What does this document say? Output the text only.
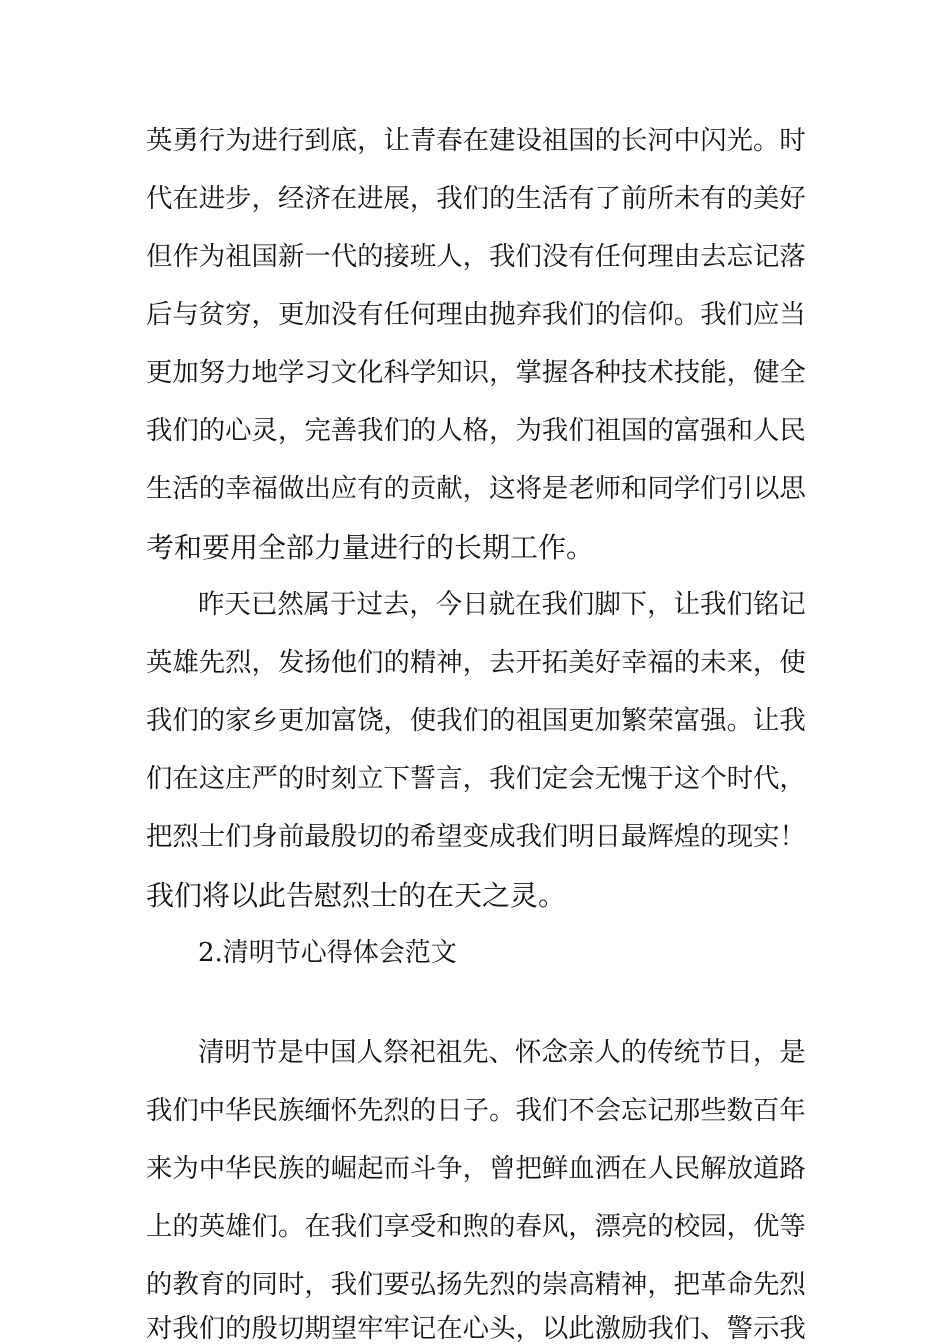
英勇行为进行到底，让青春在建设祖国的长河中闪光。时
代在进步，经济在进展，我们的生活有了前所未有的美好
但作为祖国新一代的接班人，我们没有任何理由去忘记落
后与贫穷，更加没有任何理由抛弃我们的信仰。我们应当
更加努力地学习文化科学知识，掌握各种技术技能，健全
我们的心灵，完善我们的人格，为我们祖国的富强和人民
生活的幸福做出应有的贡献，这将是老师和同学们引以思
考和要用全部力量进行的长期工作。
昨天已然属于过去，今日就在我们脚下，让我们铭记
英雄先烈，发扬他们的精神，去开拓美好幸福的未来，使
我们的家乡更加富饶，使我们的祖国更加繁荣富强。让我
们在这庄严的时刻立下誓言，我们定会无愧于这个时代，
把烈士们身前最殷切的希望变成我们明日最辉煌的现实！
我们将以此告慰烈士的在天之灵。
2.清明节心得体会范文
清明节是中国人祭祀祖先、怀念亲人的传统节日，是
我们中华民族缅怀先烈的日子。我们不会忘记那些数百年
来为中华民族的崛起而斗争，曾把鲜血洒在人民解放道路
上的英雄们。在我们享受和煦的春风，漂亮的校园，优等
的教育的同时，我们要弘扬先烈的崇高精神，把革命先烈
对我们的殷切期望牢牢记在心头，以此激励我们、警示我
